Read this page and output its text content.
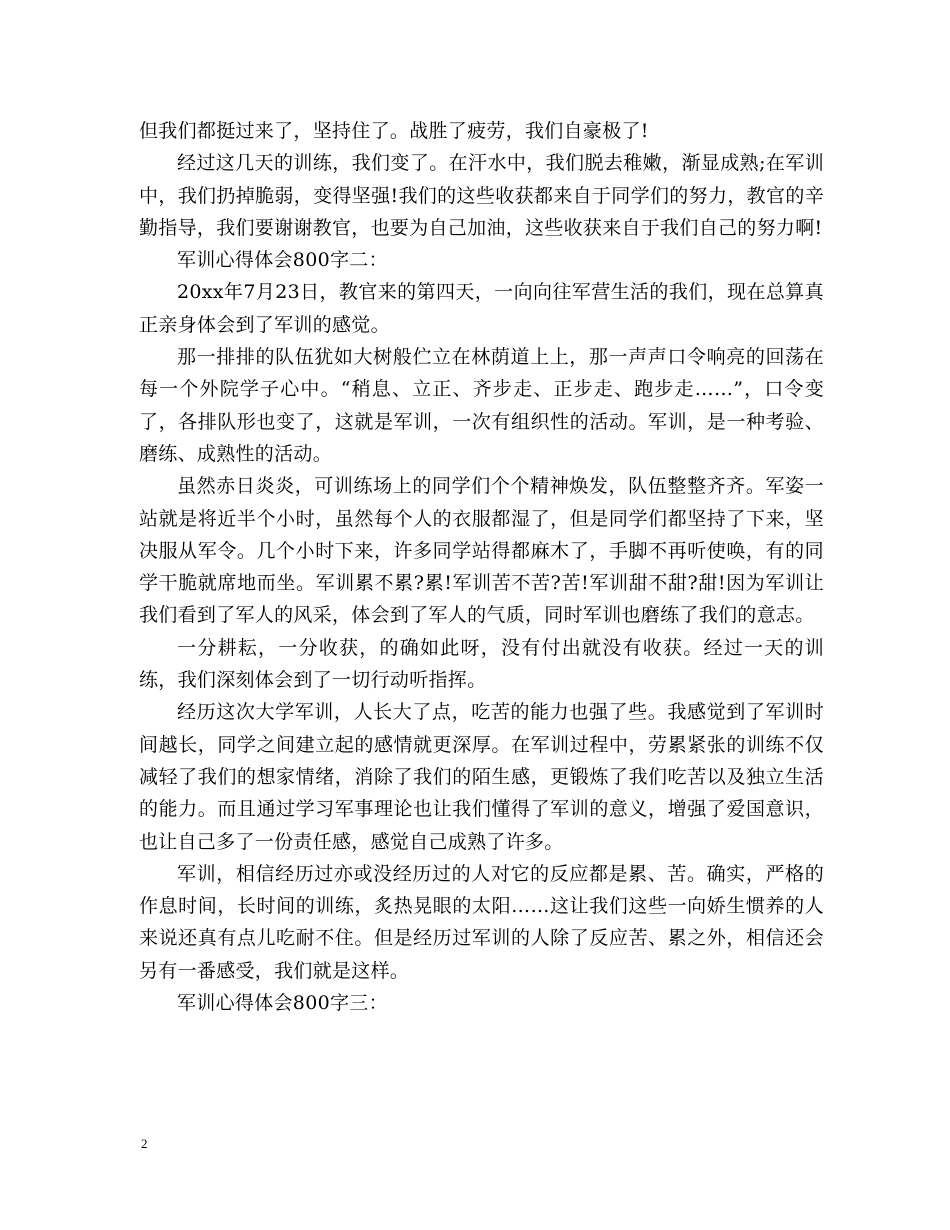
但我们都挺过来了，坚持住了。战胜了疲劳，我们自豪极了!

经过这几天的训练，我们变了。在汗水中，我们脱去稚嫩，渐显成熟;在军训中，我们扔掉脆弱，变得坚强!我们的这些收获都来自于同学们的努力，教官的辛勤指导，我们要谢谢教官，也要为自己加油，这些收获来自于我们自己的努力啊!

军训心得体会800字二：

20xx年7月23日，教官来的第四天，一向向往军营生活的我们，现在总算真正亲身体会到了军训的感觉。

那一排排的队伍犹如大树般伫立在林荫道上上，那一声声口令响亮的回荡在每一个外院学子心中。“稍息、立正、齐步走、正步走、跑步走……”，口令变了，各排队形也变了，这就是军训，一次有组织性的活动。军训，是一种考验、磨练、成熟性的活动。

虽然赤日炎炎，可训练场上的同学们个个精神焕发，队伍整整齐齐。军姿一站就是将近半个小时，虽然每个人的衣服都湿了，但是同学们都坚持了下来，坚决服从军令。几个小时下来，许多同学站得都麻木了，手脚不再听使唤，有的同学干脆就席地而坐。军训累不累?累!军训苦不苦?苦!军训甜不甜?甜!因为军训让我们看到了军人的风采，体会到了军人的气质，同时军训也磨练了我们的意志。

一分耕耘，一分收获，的确如此呀，没有付出就没有收获。经过一天的训练，我们深刻体会到了一切行动听指挥。

经历这次大学军训，人长大了点，吃苦的能力也强了些。我感觉到了军训时间越长，同学之间建立起的感情就更深厚。在军训过程中，劳累紧张的训练不仅减轻了我们的想家情绪，消除了我们的陌生感，更锻炼了我们吃苦以及独立生活的能力。而且通过学习军事理论也让我们懂得了军训的意义，增强了爱国意识，也让自己多了一份责任感，感觉自己成熟了许多。

军训，相信经历过亦或没经历过的人对它的反应都是累、苦。确实，严格的作息时间，长时间的训练，炙热晃眼的太阳……这让我们这些一向娇生惯养的人来说还真有点儿吃耐不住。但是经历过军训的人除了反应苦、累之外，相信还会另有一番感受，我们就是这样。

军训心得体会800字三：

2
